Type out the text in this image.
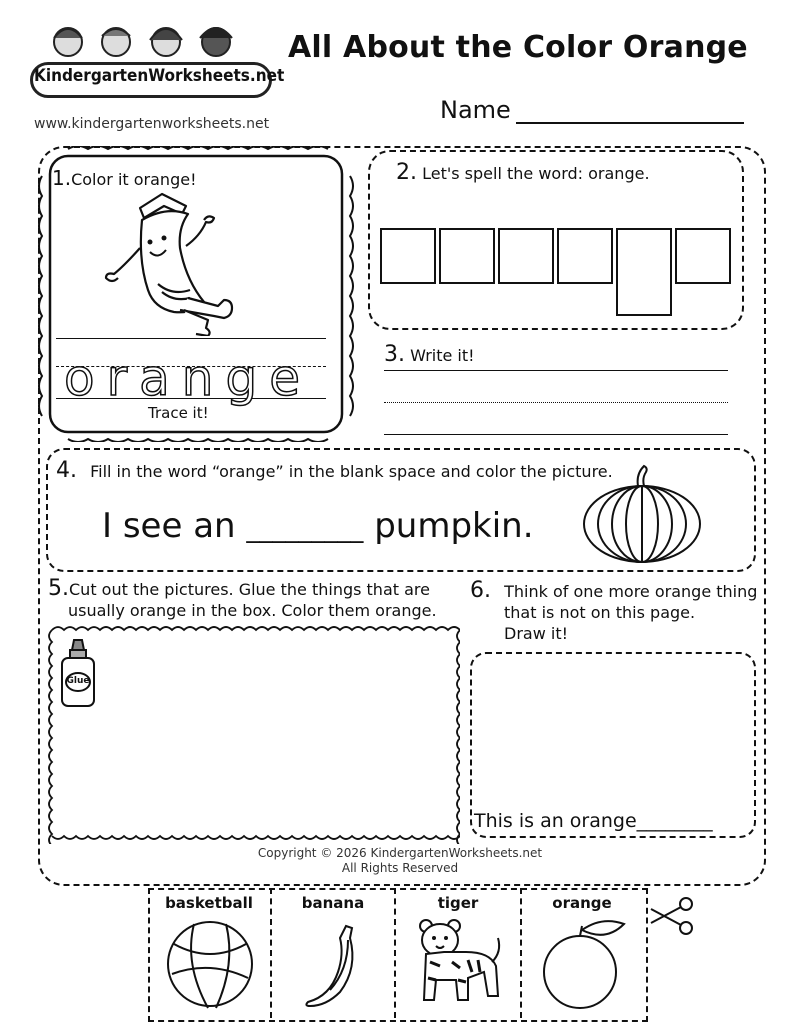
KindergartenWorksheets.net
www.kindergartenworksheets.net
All About the Color Orange
Name
1.Color it orange!
orange
Trace it!
2. Let's spell the word: orange.
3. Write it!
4. Fill in the word “orange” in the blank space and color the picture.
I see an _________ pumpkin.
5.Cut out the pictures. Glue the things that are
usually orange in the box. Color them orange.
Glue
6. Think of one more orange thing
that is not on this page.
Draw it!
This is an orange________
Copyright © 2026 KindergartenWorksheets.net
All Rights Reserved
basketball	banana	tiger	orange
